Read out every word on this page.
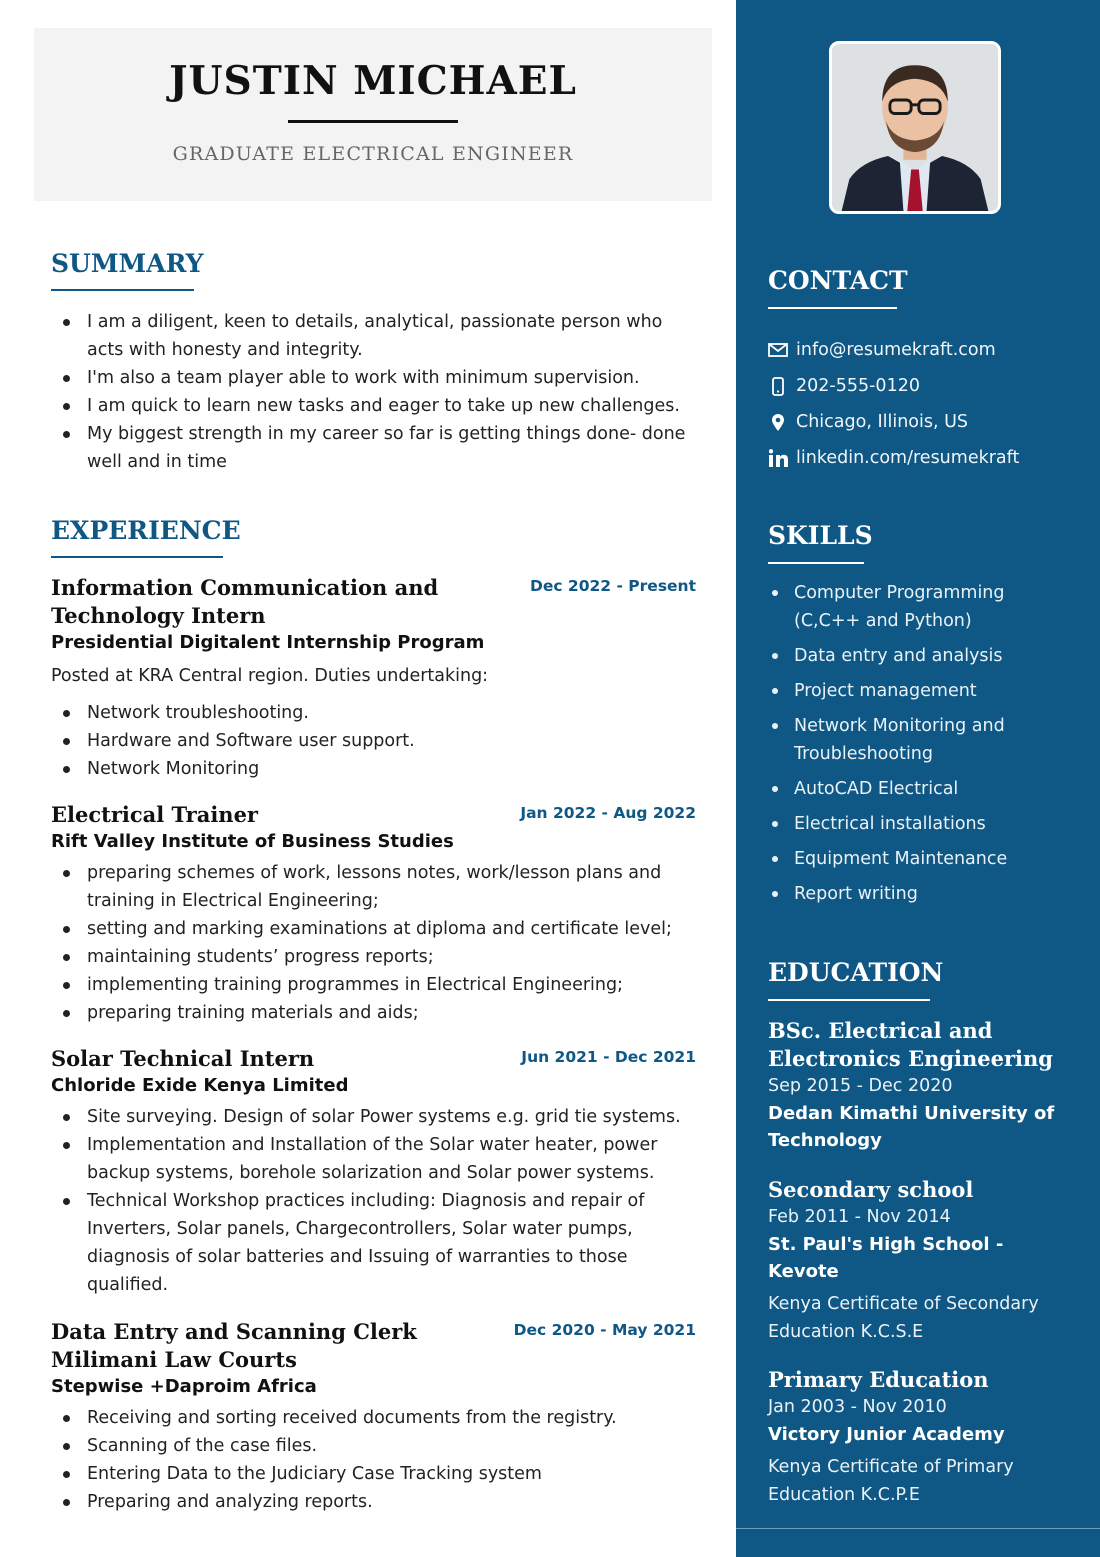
JUSTIN MICHAEL
GRADUATE ELECTRICAL ENGINEER
SUMMARY
I am a diligent, keen to details, analytical, passionate person who acts with honesty and integrity.
I'm also a team player able to work with minimum supervision.
I am quick to learn new tasks and eager to take up new challenges.
My biggest strength in my career so far is getting things done- done well and in time
EXPERIENCE
Information Communication and Technology Intern
Dec 2022 - Present
Presidential Digitalent Internship Program
Posted at KRA Central region. Duties undertaking:
Network troubleshooting.
Hardware and Software user support.
Network Monitoring
Electrical Trainer	Jan 2022 - Aug 2022
Rift Valley Institute of Business Studies
preparing schemes of work, lessons notes, work/lesson plans and training in Electrical Engineering;
setting and marking examinations at diploma and certificate level;
maintaining students’ progress reports;
implementing training programmes in Electrical Engineering;
preparing training materials and aids;
Solar Technical Intern	Jun 2021 - Dec 2021
Chloride Exide Kenya Limited
Site surveying. Design of solar Power systems e.g. grid tie systems.
Implementation and Installation of the Solar water heater, power backup systems, borehole solarization and Solar power systems.
Technical Workshop practices including: Diagnosis and repair of Inverters, Solar panels, Chargecontrollers, Solar water pumps, diagnosis of solar batteries and Issuing of warranties to those qualified.
Data Entry and Scanning Clerk Milimani Law Courts
Dec 2020 - May 2021
Stepwise +Daproim Africa
Receiving and sorting received documents from the registry.
Scanning of the case files.
Entering Data to the Judiciary Case Tracking system
Preparing and analyzing reports.
CONTACT
info@resumekraft.com
202-555-0120
Chicago, Illinois, US
linkedin.com/resumekraft
SKILLS
Computer Programming (C,C++ and Python)
Data entry and analysis
Project management
Network Monitoring and Troubleshooting
AutoCAD Electrical
Electrical installations
Equipment Maintenance
Report writing
EDUCATION
BSc. Electrical and Electronics Engineering
Sep 2015 - Dec 2020
Dedan Kimathi University of Technology
Secondary school
Feb 2011 - Nov 2014
St. Paul's High School - Kevote
Kenya Certificate of Secondary Education K.C.S.E
Primary Education
Jan 2003 - Nov 2010
Victory Junior Academy
Kenya Certificate of Primary Education K.C.P.E
